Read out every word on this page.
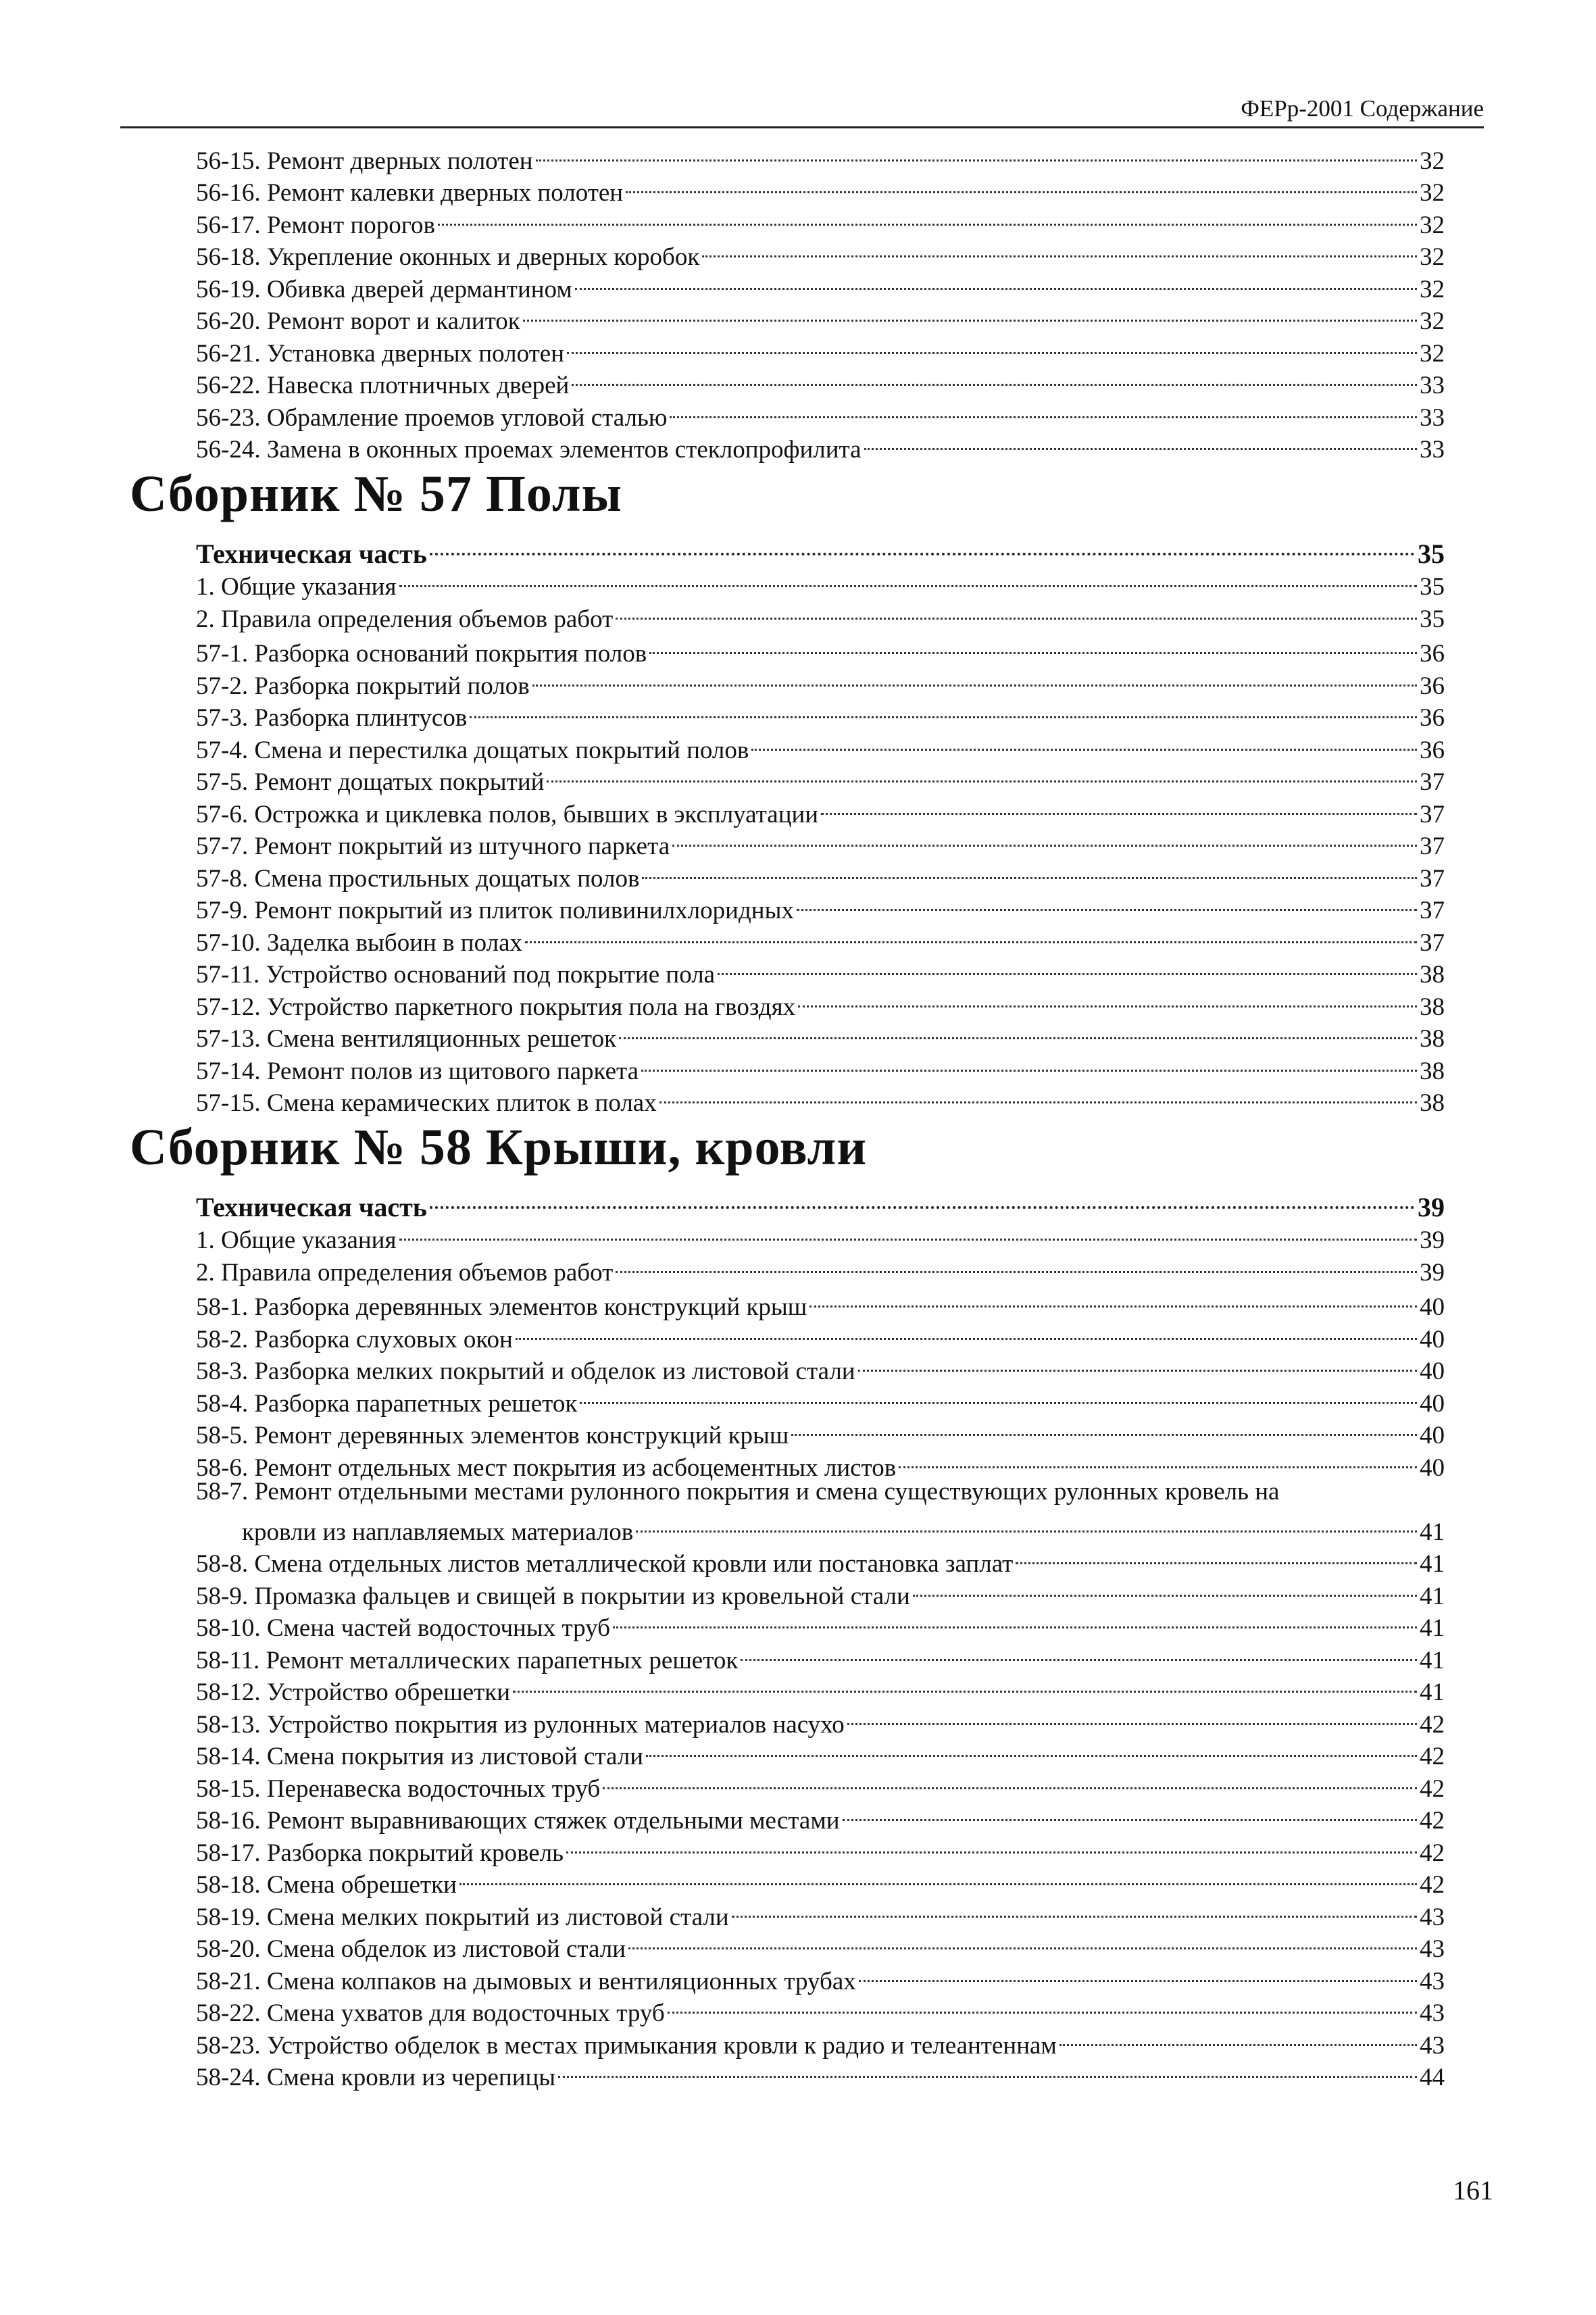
ФЕРр-2001 Содержание
56-15. Ремонт дверных полотен	32
56-16. Ремонт калевки дверных полотен	32
56-17. Ремонт порогов	32
56-18. Укрепление оконных и дверных коробок	32
56-19. Обивка дверей дермантином	32
56-20. Ремонт ворот и калиток	32
56-21. Установка дверных полотен	32
56-22. Навеска плотничных дверей	33
56-23. Обрамление проемов угловой сталью	33
56-24. Замена в оконных проемах элементов стеклопрофилита	33
Сборник № 57 Полы
Техническая часть	35
1. Общие указания	35
2. Правила определения объемов работ	35
57-1. Разборка оснований покрытия полов	36
57-2. Разборка покрытий полов	36
57-3. Разборка плинтусов	36
57-4. Смена и перестилка дощатых покрытий полов	36
57-5. Ремонт дощатых покрытий	37
57-6. Острожка и циклевка полов, бывших в эксплуатации	37
57-7. Ремонт покрытий из штучного паркета	37
57-8. Смена простильных дощатых полов	37
57-9. Ремонт покрытий из плиток поливинилхлоридных	37
57-10. Заделка выбоин в полах	37
57-11. Устройство оснований под покрытие пола	38
57-12. Устройство паркетного покрытия пола на гвоздях	38
57-13. Смена вентиляционных решеток	38
57-14. Ремонт полов из щитового паркета	38
57-15. Смена керамических плиток в полах	38
Сборник № 58 Крыши, кровли
Техническая часть	39
1. Общие указания	39
2. Правила определения объемов работ	39
58-1. Разборка деревянных элементов конструкций крыш	40
58-2. Разборка слуховых окон	40
58-3. Разборка мелких покрытий и обделок из листовой стали	40
58-4. Разборка парапетных решеток	40
58-5. Ремонт деревянных элементов конструкций крыш	40
58-6. Ремонт отдельных мест покрытия из асбоцементных листов	40
58-7. Ремонт отдельными местами рулонного покрытия и смена существующих рулонных кровель на
кровли из наплавляемых материалов	41
58-8. Смена отдельных листов металлической кровли или постановка заплат	41
58-9. Промазка фальцев и свищей в покрытии из кровельной стали	41
58-10. Смена частей водосточных труб	41
58-11. Ремонт металлических парапетных решеток	41
58-12. Устройство обрешетки	41
58-13. Устройство покрытия из рулонных материалов насухо	42
58-14. Смена покрытия из листовой стали	42
58-15. Перенавеска водосточных труб	42
58-16. Ремонт выравнивающих стяжек отдельными местами	42
58-17. Разборка покрытий кровель	42
58-18. Смена обрешетки	42
58-19. Смена мелких покрытий из листовой стали	43
58-20. Смена обделок из листовой стали	43
58-21. Смена колпаков на дымовых и вентиляционных трубах	43
58-22. Смена ухватов для водосточных труб	43
58-23. Устройство обделок в местах примыкания кровли к радио и телеантеннам	43
58-24. Смена кровли из черепицы	44
161
